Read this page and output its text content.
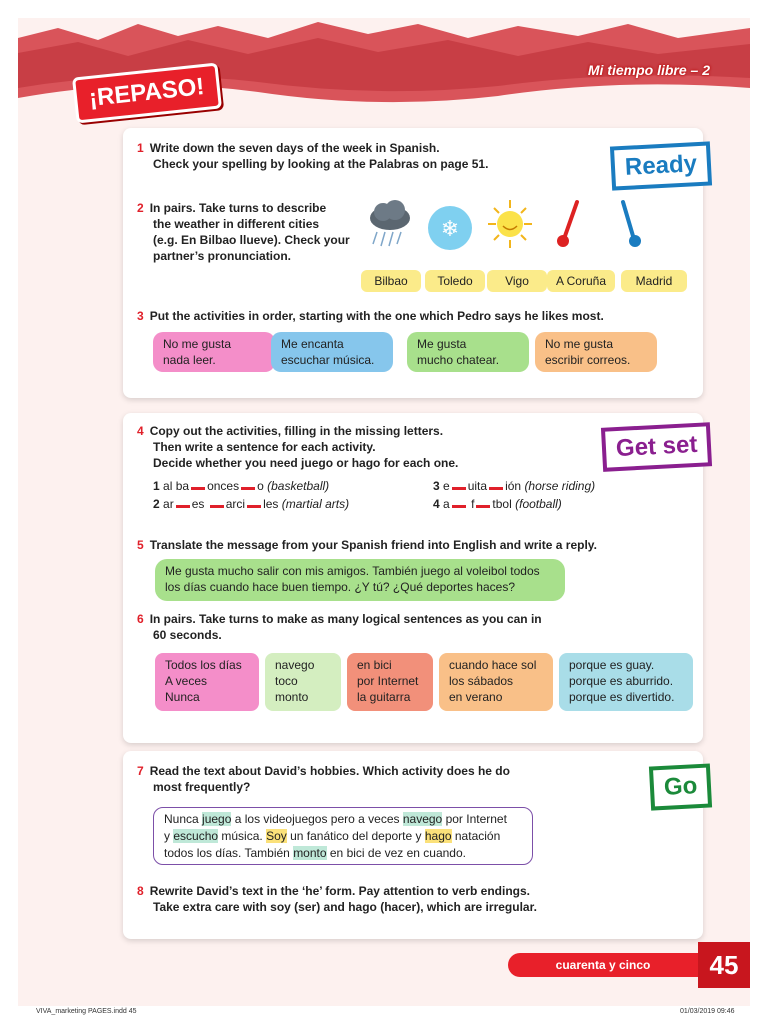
Mi tiempo libre – 2
¡REPASO!
Ready
1 Write down the seven days of the week in Spanish.
Check your spelling by looking at the Palabras on page 51.
2 In pairs. Take turns to describe
the weather in different cities
(e.g. En Bilbao llueve). Check your
partner’s pronunciation.
❄
Bilbao	Toledo	Vigo	A Coruña	Madrid
3 Put the activities in order, starting with the one which Pedro says he likes most.
No me gusta
nada leer.
Me encanta
escuchar música.
Me gusta
mucho chatear.
No me gusta
escribir correos.
Get set
4 Copy out the activities, filling in the missing letters.
Then write a sentence for each activity.
Decide whether you need juego or hago for each one.
1 al ba onces o (basketball)
2 ar es arci les (martial arts)
3 e uita ión (horse riding)
4 a f tbol (football)
5 Translate the message from your Spanish friend into English and write a reply.
Me gusta mucho salir con mis amigos. También juego al voleibol todos
los días cuando hace buen tiempo. ¿Y tú? ¿Qué deportes haces?
6 In pairs. Take turns to make as many logical sentences as you can in
60 seconds.
Todos los días
A veces
Nunca
navego
toco
monto
en bici
por Internet
la guitarra
cuando hace sol
los sábados
en verano
porque es guay.
porque es aburrido.
porque es divertido.
Go
7 Read the text about David’s hobbies. Which activity does he do
most frequently?
Nunca juego a los videojuegos pero a veces navego por Internet
y escucho música. Soy un fanático del deporte y hago natación
todos los días. También monto en bici de vez en cuando.
8 Rewrite David’s text in the ‘he’ form. Pay attention to verb endings.
Take extra care with soy (ser) and hago (hacer), which are irregular.
cuarenta y cinco	45
VIVA_marketing PAGES.indd 45	01/03/2019 09:46
